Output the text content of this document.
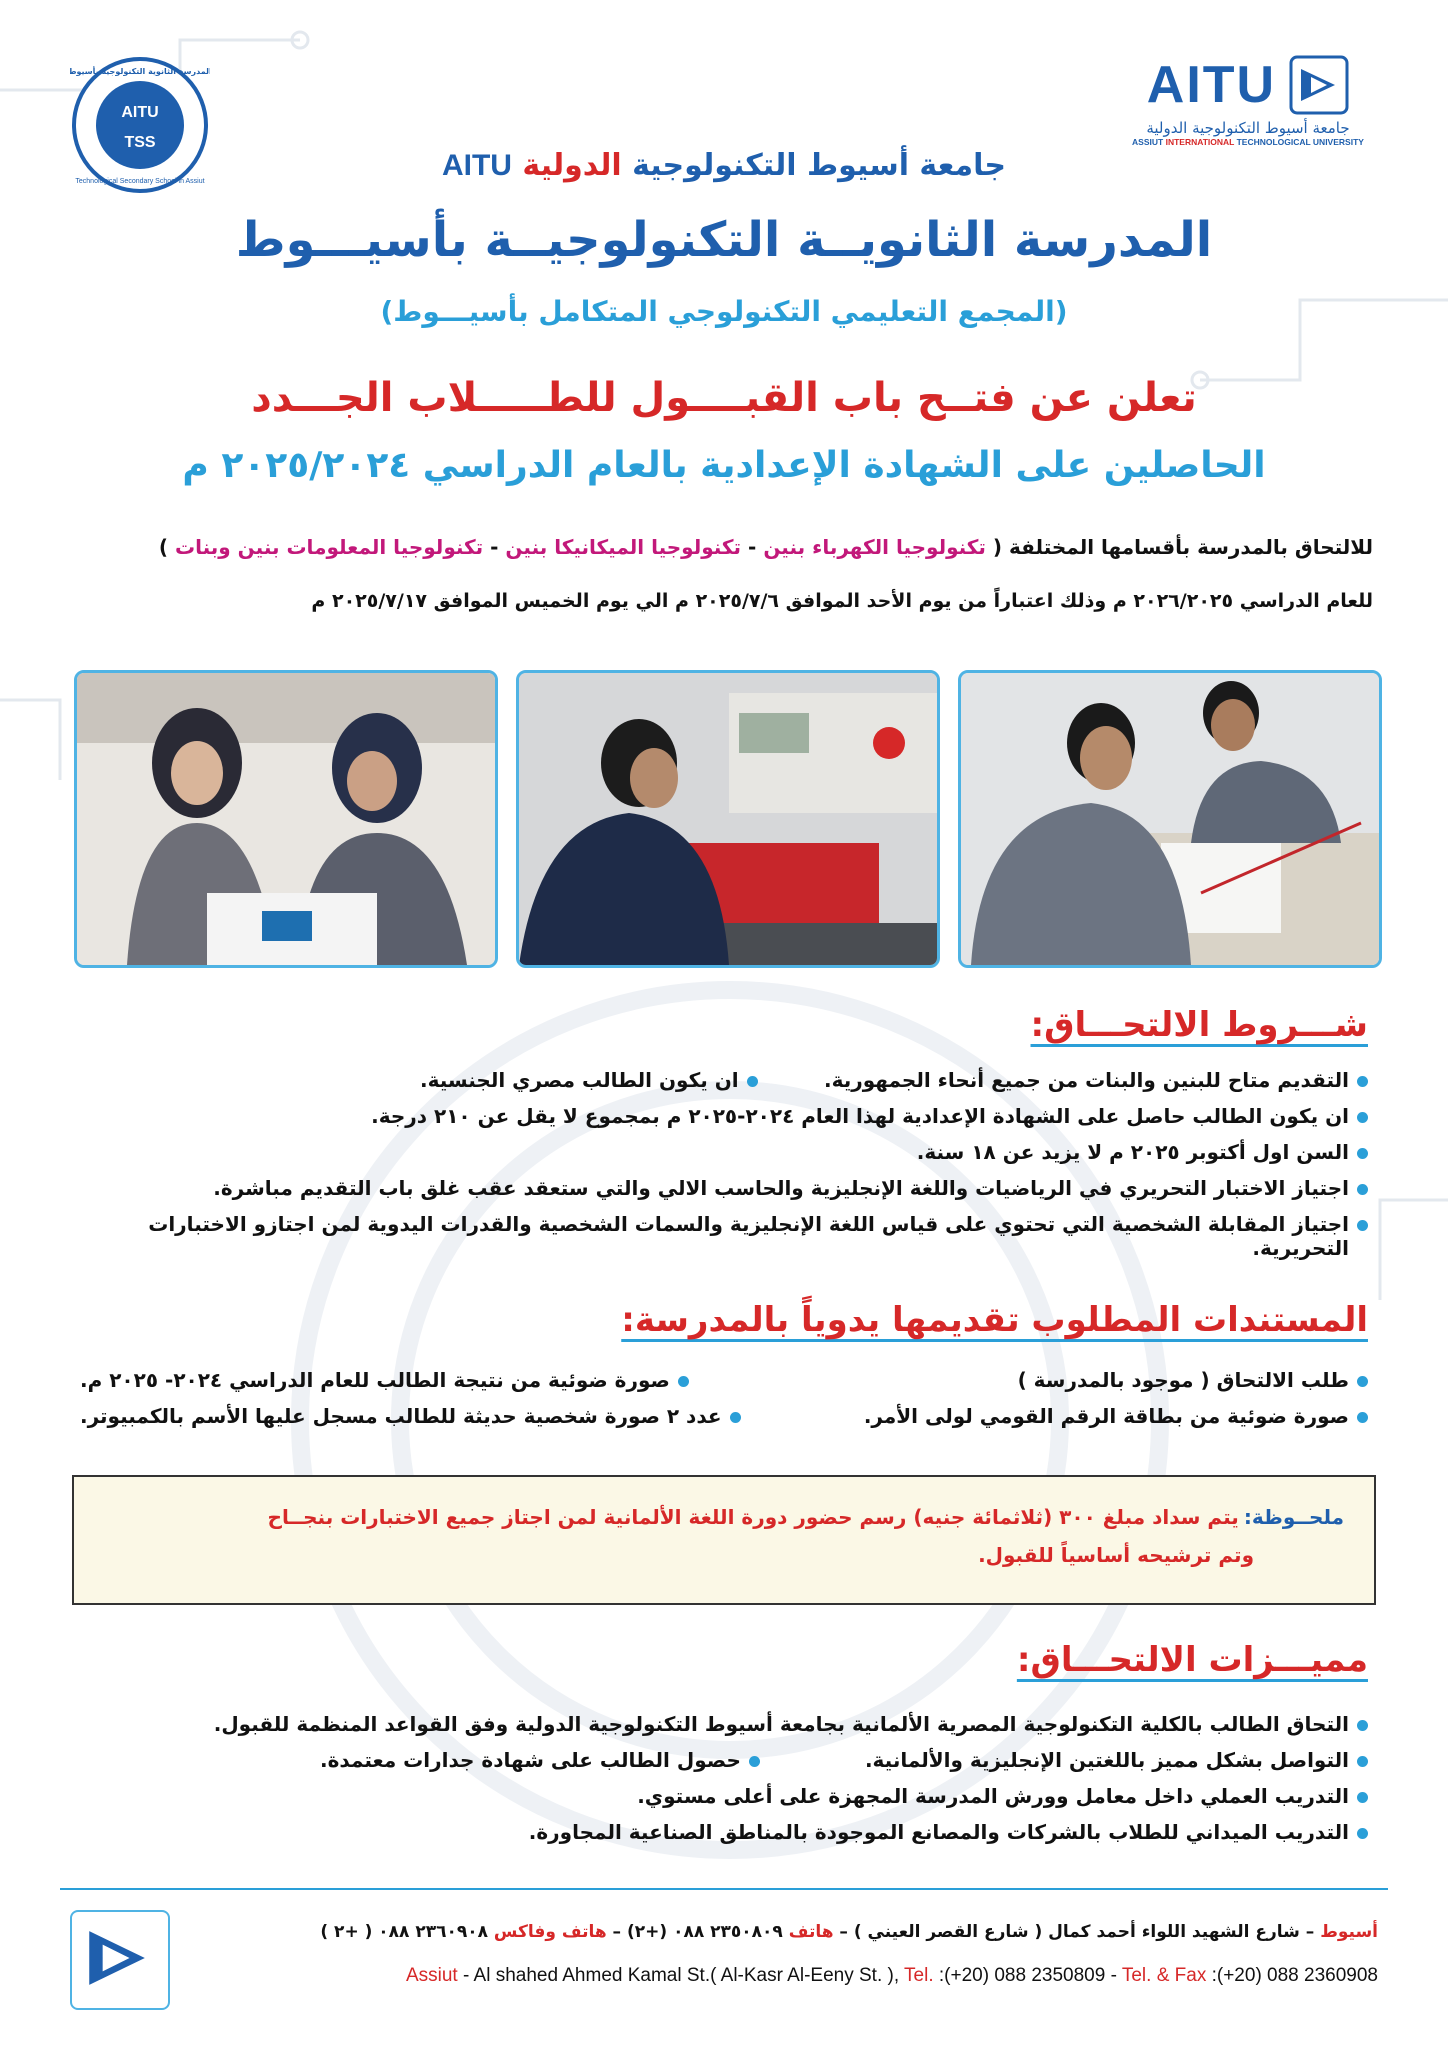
AITU
TSS
المدرسة الثانوية التكنولوجية بأسيوط
Technological Secondary School in Assiut
AITU
جامعة أسيوط التكنولوجية الدولية
ASSIUT INTERNATIONAL TECHNOLOGICAL UNIVERSITY
جامعة أسيوط التكنولوجية الدولية AITU
المدرسة الثانويــة التكنولوجيــة بأسيـــوط
(المجمع التعليمي التكنولوجي المتكامل بأسيـــوط)
تعلن عن فتــح باب القبــــول للطـــــلاب الجـــدد
الحاصلين على الشهادة الإعدادية بالعام الدراسي ٢٠٢٥/٢٠٢٤ م
للالتحاق بالمدرسة بأقسامها المختلفة ( تكنولوجيا الكهرباء بنين - تكنولوجيا الميكانيكا بنين - تكنولوجيا المعلومات بنين وبنات )
للعام الدراسي ٢٠٢٦/٢٠٢٥ م وذلك اعتباراً من يوم الأحد الموافق ٢٠٢٥/٧/٦ م الي يوم الخميس الموافق ٢٠٢٥/٧/١٧ م
شـــروط الالتحـــاق:
التقديم متاح للبنين والبنات من جميع أنحاء الجمهورية.
ان يكون الطالب مصري الجنسية.
ان يكون الطالب حاصل على الشهادة الإعدادية لهذا العام ٢٠٢٤-٢٠٢٥ م بمجموع لا يقل عن ٢١٠ درجة.
السن اول أكتوبر ٢٠٢٥ م لا يزيد عن ١٨ سنة.
اجتياز الاختبار التحريري في الرياضيات واللغة الإنجليزية والحاسب الالي والتي ستعقد عقب غلق باب التقديم مباشرة.
اجتياز المقابلة الشخصية التي تحتوي على قياس اللغة الإنجليزية والسمات الشخصية والقدرات اليدوية لمن اجتازو الاختبارات التحريرية.
المستندات المطلوب تقديمها يدوياً بالمدرسة:
طلب الالتحاق ( موجود بالمدرسة )
صورة ضوئية من نتيجة الطالب للعام الدراسي ٢٠٢٤- ٢٠٢٥ م.
صورة ضوئية من بطاقة الرقم القومي لولى الأمر.
عدد ٢ صورة شخصية حديثة للطالب مسجل عليها الأسم بالكمبيوتر.
ملحــوظة: يتم سداد مبلغ ٣٠٠ (ثلاثمائة جنيه) رسم حضور دورة اللغة الألمانية لمن اجتاز جميع الاختبارات بنجــاح
وتم ترشيحه أساسياً للقبول.
مميـــزات الالتحـــاق:
التحاق الطالب بالكلية التكنولوجية المصرية الألمانية بجامعة أسيوط التكنولوجية الدولية وفق القواعد المنظمة للقبول.
التواصل بشكل مميز باللغتين الإنجليزية والألمانية.
حصول الطالب على شهادة جدارات معتمدة.
التدريب العملي داخل معامل وورش المدرسة المجهزة على أعلى مستوي.
التدريب الميداني للطلاب بالشركات والمصانع الموجودة بالمناطق الصناعية المجاورة.
أسيوط – شارع الشهيد اللواء أحمد كمال ( شارع القصر العيني ) – هاتف ٢٣٥٠٨٠٩ ٠٨٨ (+٢) – هاتف وفاكس ٢٣٦٠٩٠٨ ٠٨٨ ( +٢ )
Assiut - Al shahed Ahmed Kamal St.( Al-Kasr Al-Eeny St. ), Tel. :(+20) 088 2350809 - Tel. & Fax :(+20) 088 2360908
